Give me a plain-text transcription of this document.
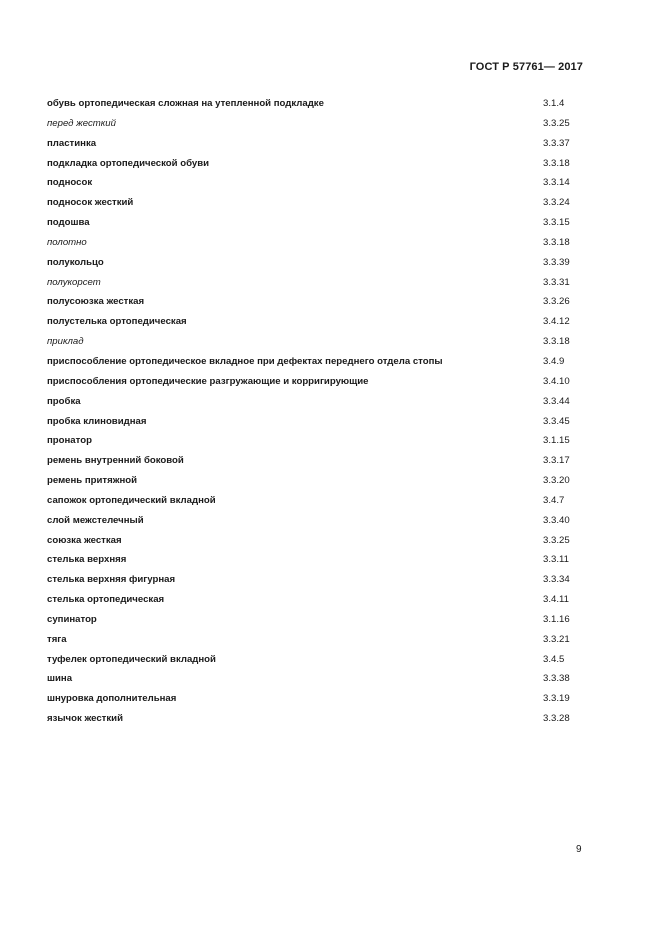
ГОСТ Р 57761— 2017
обувь ортопедическая сложная на утепленной подкладке	3.1.4
перед жесткий	3.3.25
пластинка	3.3.37
подкладка ортопедической обуви	3.3.18
подносок	3.3.14
подносок жесткий	3.3.24
подошва	3.3.15
полотно	3.3.18
полукольцо	3.3.39
полукорсет	3.3.31
полусоюзка жесткая	3.3.26
полустелька ортопедическая	3.4.12
приклад	3.3.18
приспособление ортопедическое вкладное при дефектах переднего отдела стопы	3.4.9
приспособления ортопедические разгружающие и корригирующие	3.4.10
пробка	3.3.44
пробка клиновидная	3.3.45
пронатор	3.1.15
ремень внутренний боковой	3.3.17
ремень притяжной	3.3.20
сапожок ортопедический вкладной	3.4.7
слой межстелечный	3.3.40
союзка жесткая	3.3.25
стелька верхняя	3.3.11
стелька верхняя фигурная	3.3.34
стелька ортопедическая	3.4.11
супинатор	3.1.16
тяга	3.3.21
туфелек ортопедический вкладной	3.4.5
шина	3.3.38
шнуровка дополнительная	3.3.19
язычок жесткий	3.3.28
9
